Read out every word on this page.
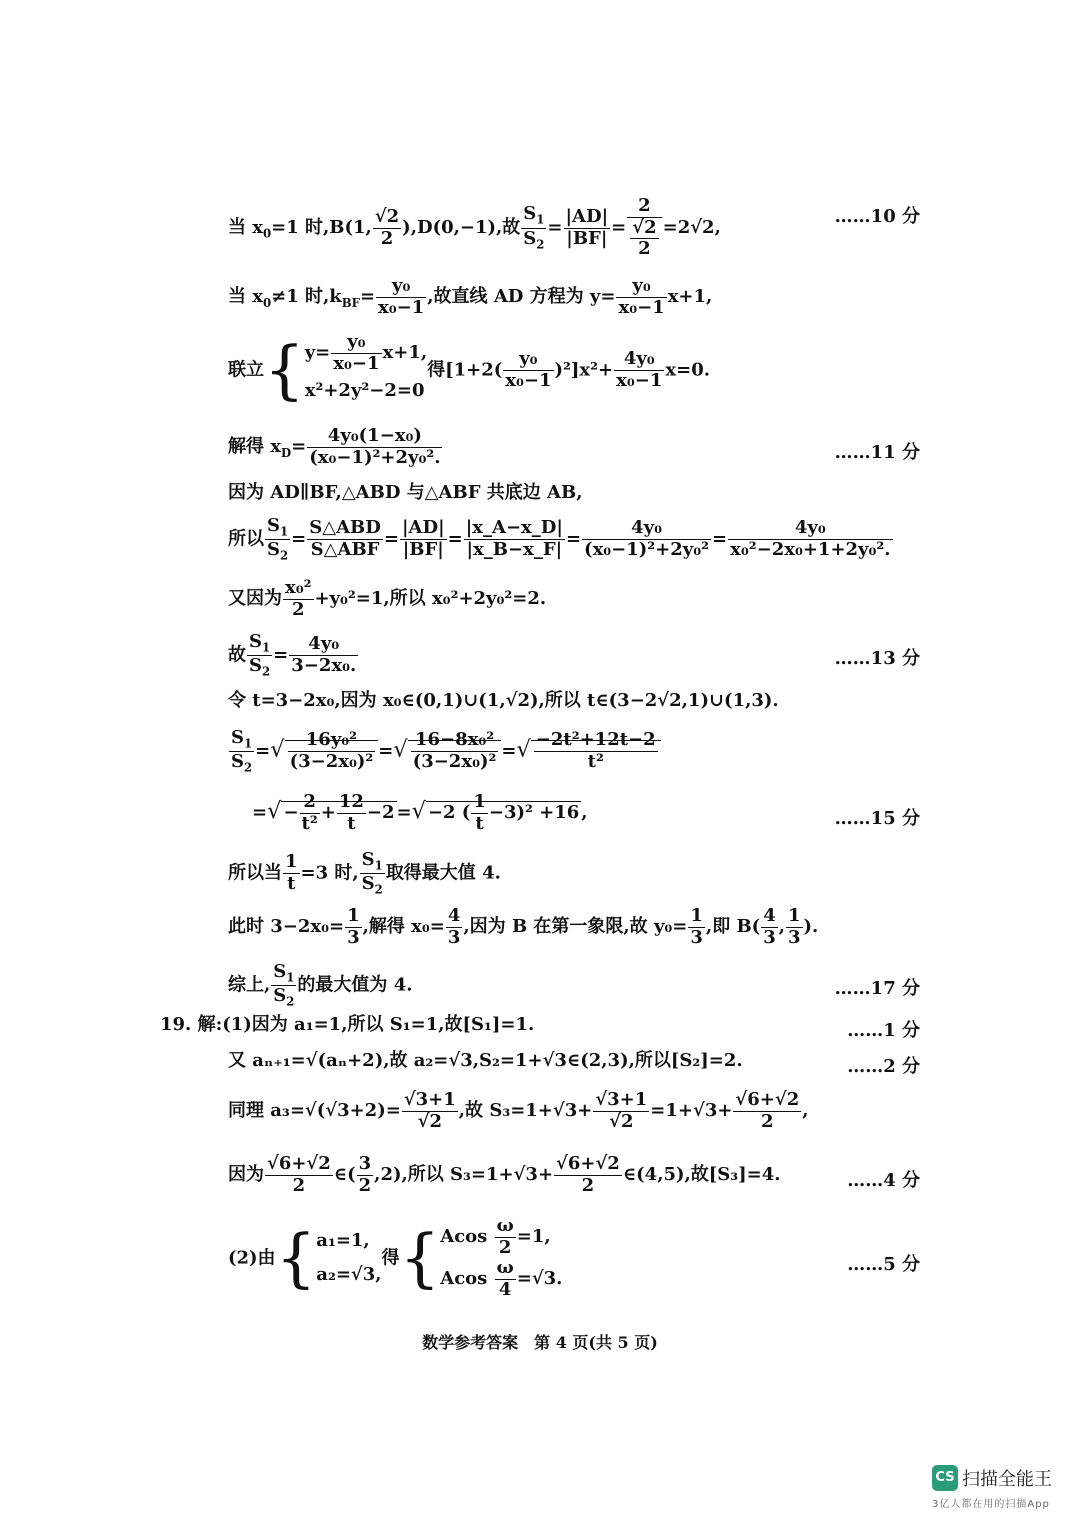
当 $x_0=1$ 时,B(1, $\frac{√2}{2} ),D(0,-1)$,故 $\frac{S_1}{S_2} = \frac{|AD|}{|BF|} = \frac{2}{\frac{√2}{2}} =2√2$,
……10 分
当 $x_0\ne 1$ 时$,k_{BF}= \frac{\text{y₀}}{\text{x₀−1}}$ ,故直线 AD 方程为 $y= \frac{\text{y₀}}{\text{x₀−1}} x+1$,
联立{ $y= \frac{\text{y₀}}{\text{x₀−1}} x+1$,
x²+2y²−2=0
得$[1+2( \frac{\text{y₀}}{\text{x₀−1}} )^2]x^2+ \frac{\text{4y₀}}{\text{x₀−1}} x=0$.
解得 $x_D= \frac{\text{4y₀(1−x₀)}}{\text{(x₀−1)²+2y₀².}}$	……11 分
因为 AD∥BF,△ABD 与△ABF 共底边 AB,
所以 $\frac{S_1}{S_2} = \frac{\text{S△ABD}}{\text{S△ABF}} = \frac{|AD|}{|BF|} = \frac{|x\_A-x\_D|}{|x\_B-x\_F|} = \frac{\text{4y₀}}{\text{(x₀−1)²+2y₀²}} = \frac{\text{4y₀}}{\text{x₀²−2x₀+1+2y₀².}}$
又因为 $\frac{\text{x₀²}}{2} +y_0^2=1$,所以 x₀²+2y₀²=2.
故 $\frac{S_1}{S_2} = \frac{\text{4y₀}}{\text{3−2x₀.}}$	……13 分
令 t=3−2x₀,因为 x₀∈(0,1)∪(1,√2),所以 t∈(3−2√2,1)∪(1,3).
$\frac{S_1}{S_2}$ =√ $\frac{\text{16y₀²}}{\text{(3−2x₀)²}}$ =√ $\frac{\text{16−8x₀²}}{\text{(3−2x₀)²}}$ =√ $\frac{\text{−2t²+12t−2}}{\text{t²}}$
=√ − $\frac{2}{\text{t²}} + \frac{12}{t} -2$ =√ −2 ( $\frac{1}{t} -3)^2 +16$ ,	……15 分
所以当 $\frac{1}{t} =3$ 时, $\frac{S_1}{S_2}$ 取得最大值 4.
此时 $3-2x_0= \frac{1}{3}$ ,解得 $x_0= \frac{4}{3}$ ,因为 B 在第一象限,故 $y_0= \frac{1}{3}$ ,即 $B( \frac{4}{3}$ , $\frac{1}{3}$ ).
综上, $\frac{S_1}{S_2}$ 的最大值为 4.	……17 分
19. 解:(1)因为 a₁=1,所以 S₁=1,故[S₁]=1.	……1 分
又 aₙ₊₁=√(aₙ+2),故 a₂=√3,S₂=1+√3∈(2,3),所以[S₂]=2.	……2 分
同理 $a_3=√(√3+2)= \frac{√3+1}{√2}$ ,故 $S_3=1+√3+ \frac{√3+1}{√2} =1+√3+ \frac{√6+√2}{2}$ ,
因为 $\frac{√6+√2}{2}$ ∈( $\frac{3}{2} ,2$),所以 $S_3=1+√3+ \frac{√6+√2}{2}$ ∈(4,5),故[S₃]=4.	……4 分
(2)由{ a₁=1,
a₂=√3,
得{ Acos $\frac{\omega}{2} =1$,
Acos $\frac{\omega}{4} =√3$.
……5 分
数学参考答案　第 4 页(共 5 页)
CS 扫描全能王
3亿人都在用的扫描App
